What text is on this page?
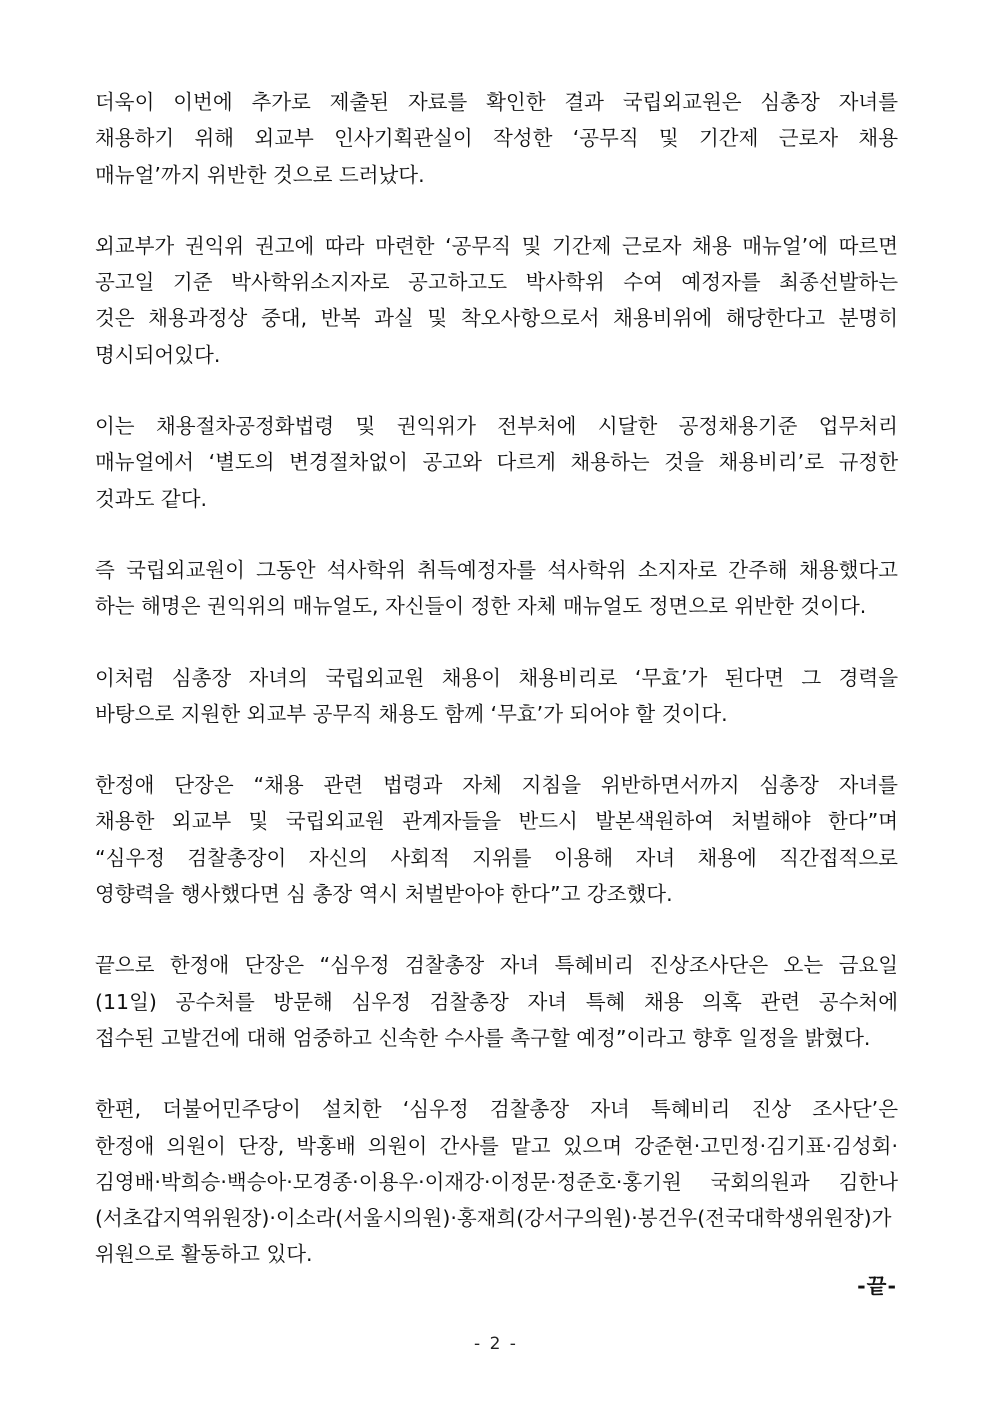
더욱이 이번에 추가로 제출된 자료를 확인한 결과 국립외교원은 심총장 자녀를
채용하기 위해 외교부 인사기획관실이 작성한 ‘공무직 및 기간제 근로자 채용
매뉴얼’까지 위반한 것으로 드러났다.
외교부가 권익위 권고에 따라 마련한 ‘공무직 및 기간제 근로자 채용 매뉴얼’에 따르면
공고일 기준 박사학위소지자로 공고하고도 박사학위 수여 예정자를 최종선발하는
것은 채용과정상 중대, 반복 과실 및 착오사항으로서 채용비위에 해당한다고 분명히
명시되어있다.
이는 채용절차공정화법령 및 권익위가 전부처에 시달한 공정채용기준 업무처리
매뉴얼에서 ‘별도의 변경절차없이 공고와 다르게 채용하는 것을 채용비리’로 규정한
것과도 같다.
즉 국립외교원이 그동안 석사학위 취득예정자를 석사학위 소지자로 간주해 채용했다고
하는 해명은 권익위의 매뉴얼도, 자신들이 정한 자체 매뉴얼도 정면으로 위반한 것이다.
이처럼 심총장 자녀의 국립외교원 채용이 채용비리로 ‘무효’가 된다면 그 경력을
바탕으로 지원한 외교부 공무직 채용도 함께 ‘무효’가 되어야 할 것이다.
한정애 단장은 “채용 관련 법령과 자체 지침을 위반하면서까지 심총장 자녀를
채용한 외교부 및 국립외교원 관계자들을 반드시 발본색원하여 처벌해야 한다”며
“심우정 검찰총장이 자신의 사회적 지위를 이용해 자녀 채용에 직간접적으로
영향력을 행사했다면 심 총장 역시 처벌받아야 한다”고 강조했다.
끝으로 한정애 단장은 “심우정 검찰총장 자녀 특혜비리 진상조사단은 오는 금요일
(11일) 공수처를 방문해 심우정 검찰총장 자녀 특혜 채용 의혹 관련 공수처에
접수된 고발건에 대해 엄중하고 신속한 수사를 촉구할 예정”이라고 향후 일정을 밝혔다.
한편, 더불어민주당이 설치한 ‘심우정 검찰총장 자녀 특혜비리 진상 조사단’은
한정애 의원이 단장, 박홍배 의원이 간사를 맡고 있으며 강준현·고민정·김기표·김성회·
김영배·박희승·백승아·모경종·이용우·이재강·이정문·정준호·홍기원 국회의원과 김한나
(서초갑지역위원장)·이소라(서울시의원)·홍재희(강서구의원)·봉건우(전국대학생위원장)가
위원으로 활동하고 있다.
-끝-
- 2 -
